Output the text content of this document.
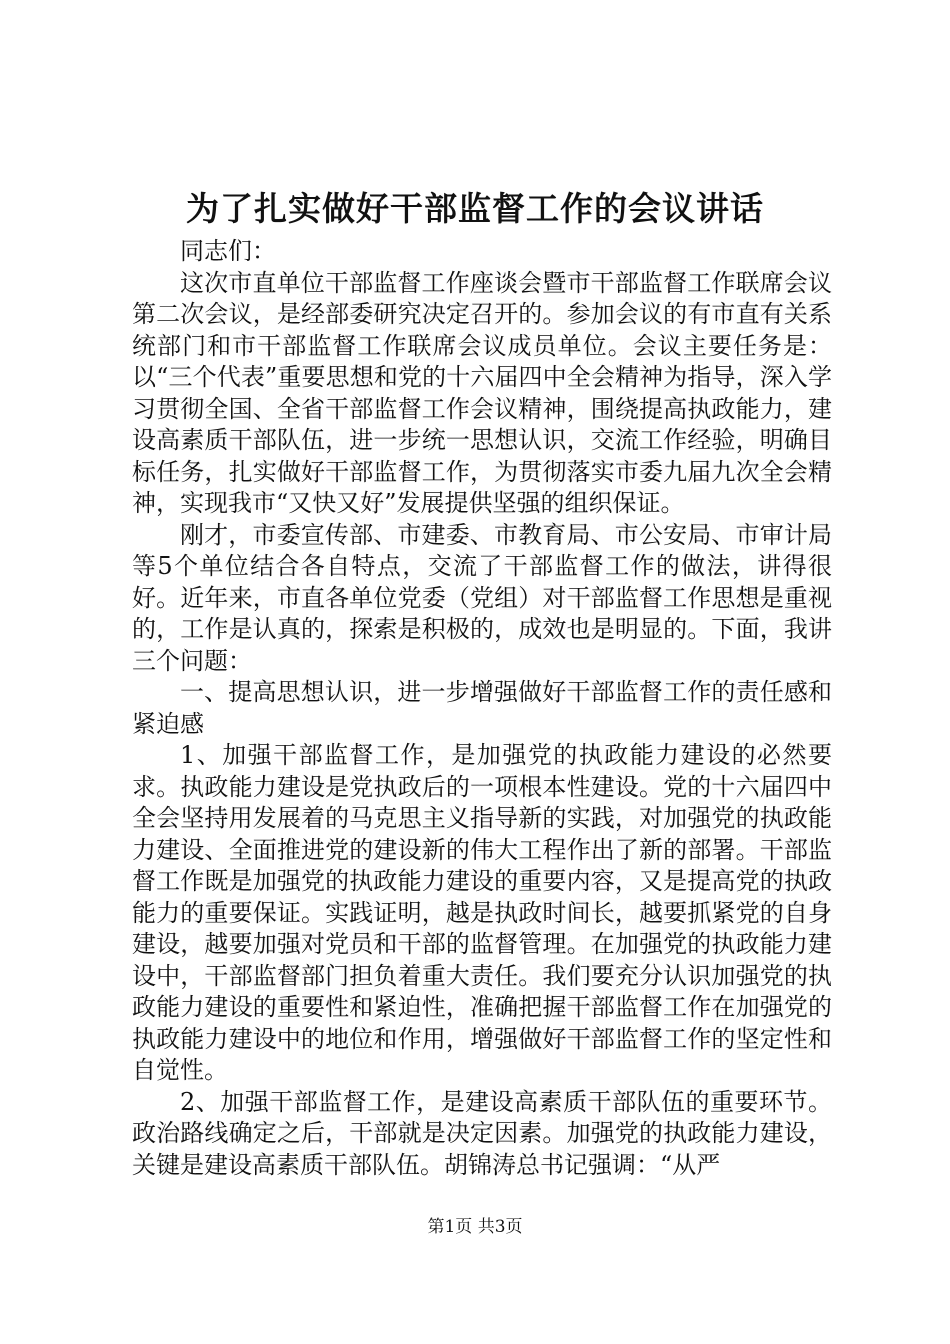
为了扎实做好干部监督工作的会议讲话

同志们：

这次市直单位干部监督工作座谈会暨市干部监督工作联席会议第二次会议，是经部委研究决定召开的。参加会议的有市直有关系统部门和市干部监督工作联席会议成员单位。会议主要任务是：以“三个代表”重要思想和党的十六届四中全会精神为指导，深入学习贯彻全国、全省干部监督工作会议精神，围绕提高执政能力，建设高素质干部队伍，进一步统一思想认识，交流工作经验，明确目标任务，扎实做好干部监督工作，为贯彻落实市委九届九次全会精神，实现我市“又快又好”发展提供坚强的组织保证。

刚才，市委宣传部、市建委、市教育局、市公安局、市审计局等5个单位结合各自特点，交流了干部监督工作的做法，讲得很好。近年来，市直各单位党委（党组）对干部监督工作思想是重视的，工作是认真的，探索是积极的，成效也是明显的。下面，我讲三个问题：

一、提高思想认识，进一步增强做好干部监督工作的责任感和紧迫感

1、加强干部监督工作，是加强党的执政能力建设的必然要求。执政能力建设是党执政后的一项根本性建设。党的十六届四中全会坚持用发展着的马克思主义指导新的实践，对加强党的执政能力建设、全面推进党的建设新的伟大工程作出了新的部署。干部监督工作既是加强党的执政能力建设的重要内容，又是提高党的执政能力的重要保证。实践证明，越是执政时间长，越要抓紧党的自身建设，越要加强对党员和干部的监督管理。在加强党的执政能力建设中，干部监督部门担负着重大责任。我们要充分认识加强党的执政能力建设的重要性和紧迫性，准确把握干部监督工作在加强党的执政能力建设中的地位和作用，增强做好干部监督工作的坚定性和自觉性。

2、加强干部监督工作，是建设高素质干部队伍的重要环节。政治路线确定之后，干部就是决定因素。加强党的执政能力建设，关键是建设高素质干部队伍。胡锦涛总书记强调：“从严

第1页 共3页
